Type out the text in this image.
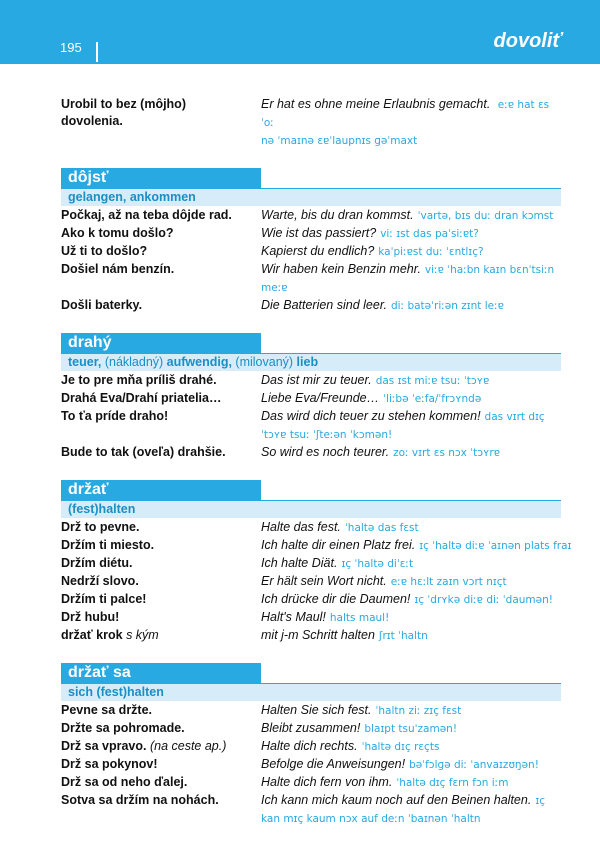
195	dovoliť
Urobil to bez (môjho)
dovolenia.
Er hat es ohne meine Erlaubnis gemacht. eːɐ hat ɛs ˈoː
nə ˈmaɪnə ɛɐˈlaupnɪs ɡəˈmaxt
dôjsť
gelangen, ankommen
Počkaj, až na teba dôjde rad.	Warte, bis du dran kommst. ˈvartə, bɪs duː dran kɔmst
Ako k tomu došlo?	Wie ist das passiert? viː ɪst das paˈsiːɐt?
Už ti to došlo?	Kapierst du endlich? kaˈpiːɐst duː ˈɛntlɪç?
Došiel nám benzín.	Wir haben kein Benzin mehr. viːɐ ˈhaːbn kaɪn bɛnˈtsiːn
meːɐ
Došli baterky.	Die Batterien sind leer. diː batəˈriːən zɪnt leːɐ
drahý
teuer, (nákladný) aufwendig, (milovaný) lieb
Je to pre mňa príliš drahé.	Das ist mir zu teuer. das ɪst miːɐ tsuː ˈtɔʏɐ
Drahá Eva/Drahí priatelia…	Liebe Eva/Freunde… ˈliːbə ˈeːfa/ˈfrɔʏndə
To ťa príde draho!	Das wird dich teuer zu stehen kommen! das vɪrt dɪç
ˈtɔʏɐ tsuː ˈʃteːən ˈkɔmən!
Bude to tak (oveľa) drahšie.	So wird es noch teurer. zoː vɪrt ɛs nɔx ˈtɔʏrɐ
držať
(fest)halten
Drž to pevne.	Halte das fest. ˈhaltə das fɛst
Držím ti miesto.	Ich halte dir einen Platz frei. ɪç ˈhaltə diːɐ ˈaɪnən plats fraɪ
Držím diétu.	Ich halte Diät. ɪç ˈhaltə diˈɛːt
Nedrží slovo.	Er hält sein Wort nicht. eːɐ hɛːlt zaɪn vɔrt nɪçt
Držím ti palce!	Ich drücke dir die Daumen! ɪç ˈdrʏkə diːɐ diː ˈdaumən!
Drž hubu!	Halt's Maul! halts maul!
držať krok s kým	mit j-m Schritt halten ʃrɪt ˈhaltn
držať sa
sich (fest)halten
Pevne sa držte.	Halten Sie sich fest. ˈhaltn ziː zɪç fɛst
Držte sa pohromade.	Bleibt zusammen! blaɪpt tsuˈzamən!
Drž sa vpravo. (na ceste ap.)	Halte dich rechts. ˈhaltə dɪç rɛçts
Drž sa pokynov!	Befolge die Anweisungen! bəˈfɔlɡə diː ˈanvaɪzʊŋən!
Drž sa od neho ďalej.	Halte dich fern von ihm. ˈhaltə dɪç fɛrn fɔn iːm
Sotva sa držím na nohách.	Ich kann mich kaum noch auf den Beinen halten. ɪç
kan mɪç kaum nɔx auf deːn ˈbaɪnən ˈhaltn
